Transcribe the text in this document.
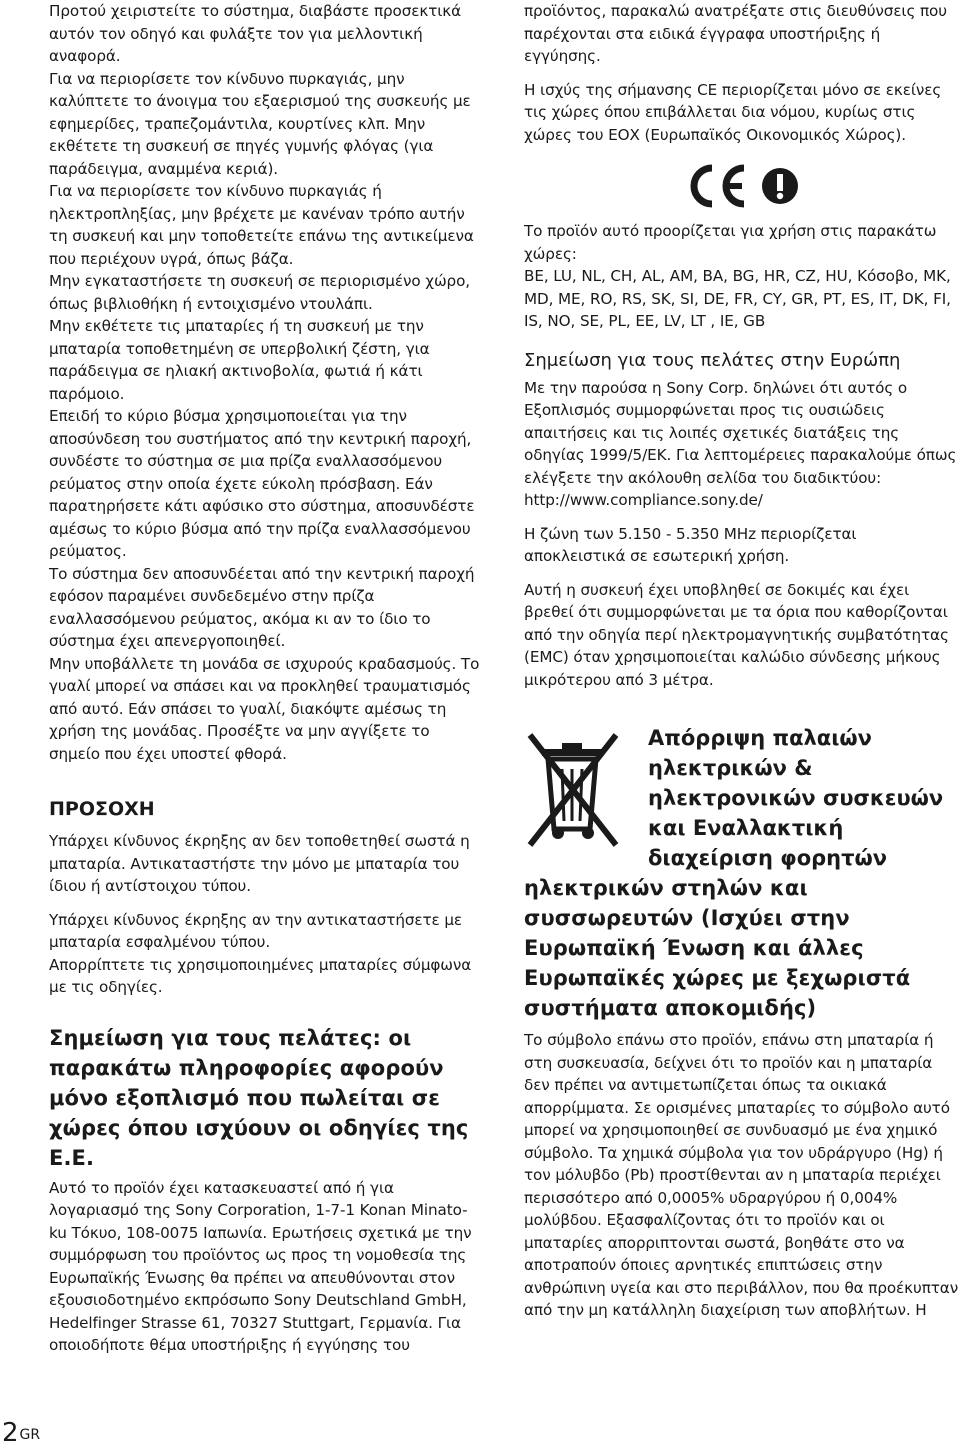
Προτού χειριστείτε το σύστημα, διαβάστε προσεκτικά αυτόν τον οδηγό και φυλάξτε τον για μελλοντική αναφορά.

Για να περιορίσετε τον κίνδυνο πυρκαγιάς, μην καλύπτετε το άνοιγμα του εξαερισμού της συσκευής με εφημερίδες, τραπεζομάντιλα, κουρτίνες κλπ. Μην εκθέτετε τη συσκευή σε πηγές γυμνής φλόγας (για παράδειγμα, αναμμένα κεριά).

Για να περιορίσετε τον κίνδυνο πυρκαγιάς ή ηλεκτροπληξίας, μην βρέχετε με κανέναν τρόπο αυτήν τη συσκευή και μην τοποθετείτε επάνω της αντικείμενα που περιέχουν υγρά, όπως βάζα.

Μην εγκαταστήσετε τη συσκευή σε περιορισμένο χώρο, όπως βιβλιοθήκη ή εντοιχισμένο ντουλάπι.

Μην εκθέτετε τις μπαταρίες ή τη συσκευή με την μπαταρία τοποθετημένη σε υπερβολική ζέστη, για παράδειγμα σε ηλιακή ακτινοβολία, φωτιά ή κάτι παρόμοιο.

Επειδή το κύριο βύσμα χρησιμοποιείται για την αποσύνδεση του συστήματος από την κεντρική παροχή, συνδέστε το σύστημα σε μια πρίζα εναλλασσόμενου ρεύματος στην οποία έχετε εύκολη πρόσβαση. Εάν παρατηρήσετε κάτι αφύσικο στο σύστημα, αποσυνδέστε αμέσως το κύριο βύσμα από την πρίζα εναλλασσόμενου ρεύματος.

Το σύστημα δεν αποσυνδέεται από την κεντρική παροχή εφόσον παραμένει συνδεδεμένο στην πρίζα εναλλασσόμενου ρεύματος, ακόμα κι αν το ίδιο το σύστημα έχει απενεργοποιηθεί.

Μην υποβάλλετε τη μονάδα σε ισχυρούς κραδασμούς. Το γυαλί μπορεί να σπάσει και να προκληθεί τραυματισμός από αυτό. Εάν σπάσει το γυαλί, διακόψτε αμέσως τη χρήση της μονάδας. Προσέξτε να μην αγγίξετε το σημείο που έχει υποστεί φθορά.

ΠΡΟΣΟΧΗ

Υπάρχει κίνδυνος έκρηξης αν δεν τοποθετηθεί σωστά η μπαταρία. Αντικαταστήστε την μόνο με μπαταρία του ίδιου ή αντίστοιχου τύπου.

Υπάρχει κίνδυνος έκρηξης αν την αντικαταστήσετε με μπαταρία εσφαλμένου τύπου.

Απορρίπτετε τις χρησιμοποιημένες μπαταρίες σύμφωνα με τις οδηγίες.

Σημείωση για τους πελάτες: οι παρακάτω πληροφορίες αφορούν μόνο εξοπλισμό που πωλείται σε χώρες όπου ισχύουν οι οδηγίες της Ε.Ε.

Αυτό το προϊόν έχει κατασκευαστεί από ή για λογαριασμό της Sony Corporation, 1-7-1 Konan Minato-ku Τόκυο, 108-0075 Ιαπωνία. Ερωτήσεις σχετικά με την συμμόρφωση του προϊόντος ως προς τη νομοθεσία της Ευρωπαϊκής Ένωσης θα πρέπει να απευθύνονται στον εξουσιοδοτημένο εκπρόσωπο Sony Deutschland GmbH, Hedelfinger Strasse 61, 70327 Stuttgart, Γερμανία. Για οποιοδήποτε θέμα υποστήριξης ή εγγύησης του

προϊόντος, παρακαλώ ανατρέξατε στις διευθύνσεις που παρέχονται στα ειδικά έγγραφα υποστήριξης ή εγγύησης.

Η ισχύς της σήμανσης CE περιορίζεται μόνο σε εκείνες τις χώρες όπου επιβάλλεται δια νόμου, κυρίως στις χώρες του ΕΟΧ (Ευρωπαϊκός Οικονομικός Χώρος).

Το προϊόν αυτό προορίζεται για χρήση στις παρακάτω χώρες:

BE, LU, NL, CH, AL, AM, BA, BG, HR, CZ, HU, Κόσοβο, MK, MD, ME, RO, RS, SK, SI, DE, FR, CY, GR, PT, ES, IT, DK, FI, IS, NO, SE, PL, EE, LV, LT , IE, GB

Σημείωση για τους πελάτες στην Ευρώπη

Με την παρούσα η Sony Corp. δηλώνει ότι αυτός ο Εξοπλισμός συμμορφώνεται προς τις ουσιώδεις απαιτήσεις και τις λοιπές σχετικές διατάξεις της οδηγίας 1999/5/ΕΚ. Για λεπτομέρειες παρακαλούμε όπως ελέγξετε την ακόλουθη σελίδα του διαδικτύου:

http://www.compliance.sony.de/

Η ζώνη των 5.150 - 5.350 MHz περιορίζεται αποκλειστικά σε εσωτερική χρήση.

Αυτή η συσκευή έχει υποβληθεί σε δοκιμές και έχει βρεθεί ότι συμμορφώνεται με τα όρια που καθορίζονται από την οδηγία περί ηλεκτρομαγνητικής συμβατότητας (EMC) όταν χρησιμοποιείται καλώδιο σύνδεσης μήκους μικρότερου από 3 μέτρα.

Απόρριψη παλαιών
ηλεκτρικών &
ηλεκτρονικών συσκευών
και Εναλλακτική
διαχείριση φορητών
ηλεκτρικών στηλών και συσσωρευτών (Ισχύει στην Ευρωπαϊκή Ένωση και άλλες Ευρωπαϊκές χώρες με ξεχωριστά συστήματα αποκομιδής)

Το σύμβολο επάνω στο προϊόν, επάνω στη μπαταρία ή στη συσκευασία, δείχνει ότι το προϊόν και η μπαταρία δεν πρέπει να αντιμετωπίζεται όπως τα οικιακά απορρίμματα. Σε ορισμένες μπαταρίες το σύμβολο αυτό μπορεί να χρησιμοποιηθεί σε συνδυασμό με ένα χημικό σύμβολο. Τα χημικά σύμβολα για τον υδράργυρο (Hg) ή τον μόλυβδο (Pb) προστίθενται αν η μπαταρία περιέχει περισσότερο από 0,0005% υδραργύρου ή 0,004% μολύβδου. Εξασφαλίζοντας ότι το προϊόν και οι μπαταρίες απορριπτονται σωστά, βοηθάτε στο να αποτραπούν όποιες αρνητικές επιπτώσεις στην ανθρώπινη υγεία και στο περιβάλλον, που θα προέκυπταν από την μη κατάλληλη διαχείριση των αποβλήτων. Η

$2^{GR}$
